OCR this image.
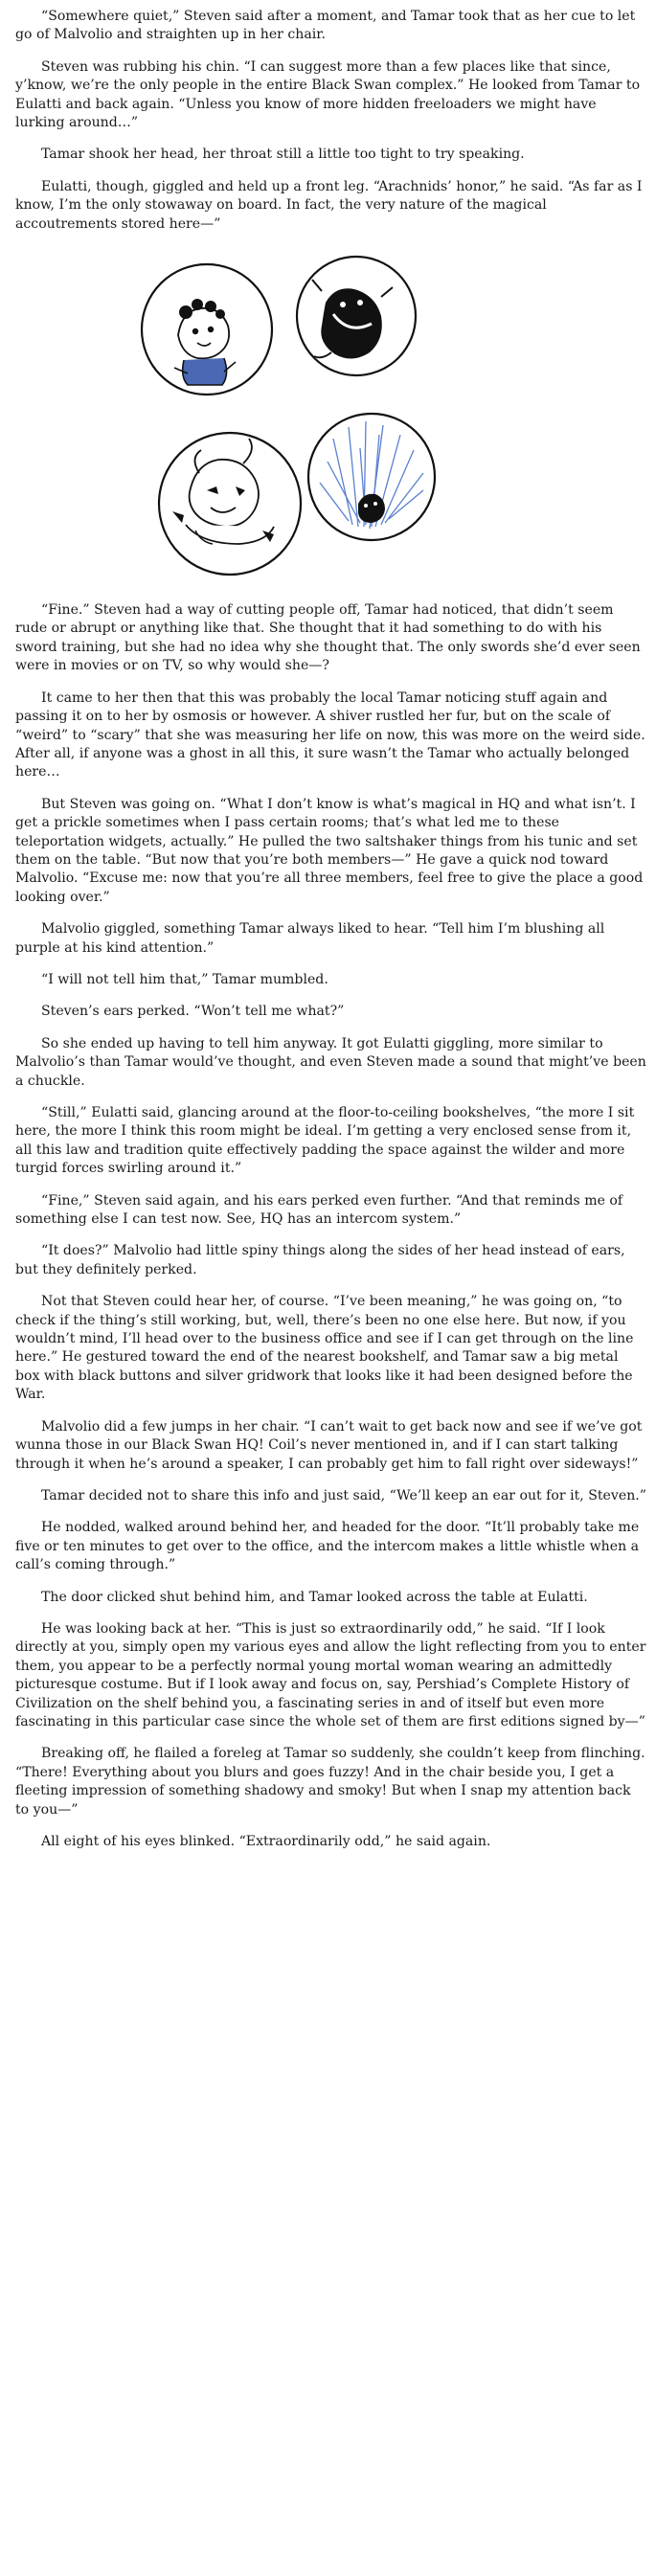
“Somewhere quiet,” Steven said after a moment, and Tamar took that as her cue to let go of Malvolio and straighten up in her chair.

Steven was rubbing his chin. “I can suggest more than a few places like that since, y’know, we’re the only people in the entire Black Swan complex.” He looked from Tamar to Eulatti and back again. “Unless you know of more hidden freeloaders we might have lurking around…”

Tamar shook her head, her throat still a little too tight to try speaking.

Eulatti, though, giggled and held up a front leg. “Arachnids’ honor,” he said. “As far as I know, I’m the only stowaway on board. In fact, the very nature of the magical accoutrements stored here—”

“Fine.” Steven had a way of cutting people off, Tamar had noticed, that didn’t seem rude or abrupt or anything like that. She thought that it had something to do with his sword training, but she had no idea why she thought that. The only swords she’d ever seen were in movies or on TV, so why would she—?

It came to her then that this was probably the local Tamar noticing stuff again and passing it on to her by osmosis or however. A shiver rustled her fur, but on the scale of “weird” to “scary” that she was measuring her life on now, this was more on the weird side. After all, if anyone was a ghost in all this, it sure wasn’t the Tamar who actually belonged here…

But Steven was going on. “What I don’t know is what’s magical in HQ and what isn’t. I get a prickle sometimes when I pass certain rooms; that’s what led me to these teleportation widgets, actually.” He pulled the two saltshaker things from his tunic and set them on the table. “But now that you’re both members—” He gave a quick nod toward Malvolio. “Excuse me: now that you’re all three members, feel free to give the place a good looking over.”

Malvolio giggled, something Tamar always liked to hear. “Tell him I’m blushing all purple at his kind attention.”

“I will not tell him that,” Tamar mumbled.

Steven’s ears perked. “Won’t tell me what?”

So she ended up having to tell him anyway. It got Eulatti giggling, more similar to Malvolio’s than Tamar would’ve thought, and even Steven made a sound that might’ve been a chuckle.

“Still,” Eulatti said, glancing around at the floor-to-ceiling bookshelves, “the more I sit here, the more I think this room might be ideal. I’m getting a very enclosed sense from it, all this law and tradition quite effectively padding the space against the wilder and more turgid forces swirling around it.”

“Fine,” Steven said again, and his ears perked even further. “And that reminds me of something else I can test now. See, HQ has an intercom system.”

“It does?” Malvolio had little spiny things along the sides of her head instead of ears, but they definitely perked.

Not that Steven could hear her, of course. “I’ve been meaning,” he was going on, “to check if the thing’s still working, but, well, there’s been no one else here. But now, if you wouldn’t mind, I’ll head over to the business office and see if I can get through on the line here.” He gestured toward the end of the nearest bookshelf, and Tamar saw a big metal box with black buttons and silver gridwork that looks like it had been designed before the War.

Malvolio did a few jumps in her chair. “I can’t wait to get back now and see if we’ve got wunna those in our Black Swan HQ! Coil’s never mentioned in, and if I can start talking through it when he’s around a speaker, I can probably get him to fall right over sideways!”

Tamar decided not to share this info and just said, “We’ll keep an ear out for it, Steven.”

He nodded, walked around behind her, and headed for the door. “It’ll probably take me five or ten minutes to get over to the office, and the intercom makes a little whistle when a call’s coming through.”

The door clicked shut behind him, and Tamar looked across the table at Eulatti.

He was looking back at her. “This is just so extraordinarily odd,” he said. “If I look directly at you, simply open my various eyes and allow the light reflecting from you to enter them, you appear to be a perfectly normal young mortal woman wearing an admittedly picturesque costume. But if I look away and focus on, say, Pershiad’s Complete History of Civilization on the shelf behind you, a fascinating series in and of itself but even more fascinating in this particular case since the whole set of them are first editions signed by—”

Breaking off, he flailed a foreleg at Tamar so suddenly, she couldn’t keep from flinching. “There! Everything about you blurs and goes fuzzy! And in the chair beside you, I get a fleeting impression of something shadowy and smoky! But when I snap my attention back to you—”

All eight of his eyes blinked. “Extraordinarily odd,” he said again.
